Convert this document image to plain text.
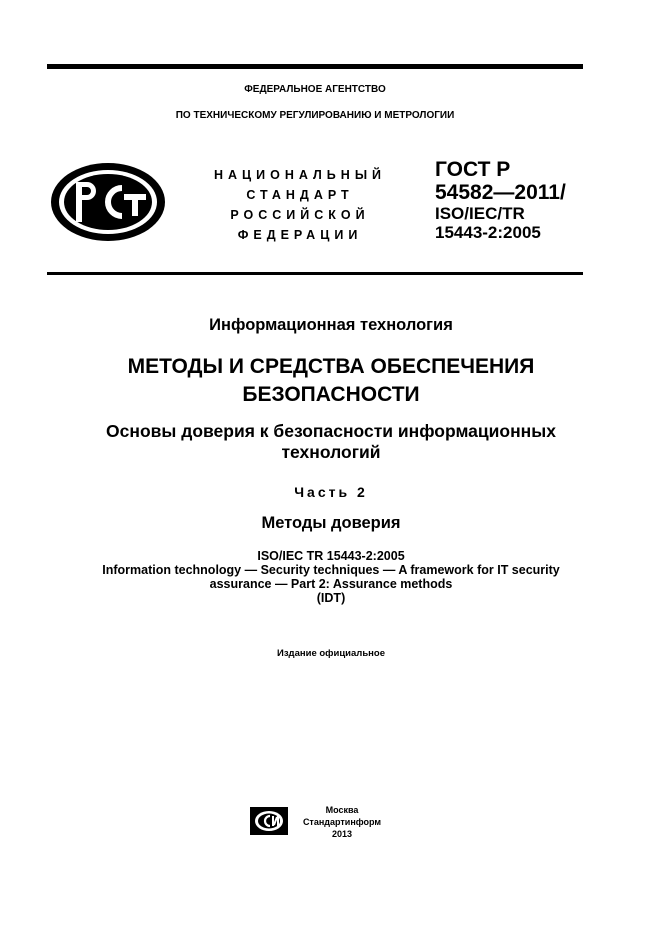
ФЕДЕРАЛЬНОЕ АГЕНТСТВО
ПО ТЕХНИЧЕСКОМУ РЕГУЛИРОВАНИЮ И МЕТРОЛОГИИ
НАЦИОНАЛЬНЫЙ
СТАНДАРТ
РОССИЙСКОЙ
ФЕДЕРАЦИИ
ГОСТ Р
54582—2011/
ISO/IEC/TR
15443-2:2005
Информационная технология
МЕТОДЫ И СРЕДСТВА ОБЕСПЕЧЕНИЯ
БЕЗОПАСНОСТИ
Основы доверия к безопасности информационных
технологий
Часть 2
Методы доверия
ISO/IEC TR 15443-2:2005
Information technology — Security techniques — A framework for IT security
assurance — Part 2: Assurance methods
(IDT)
Издание официальное
Москва
Стандартинформ
2013
